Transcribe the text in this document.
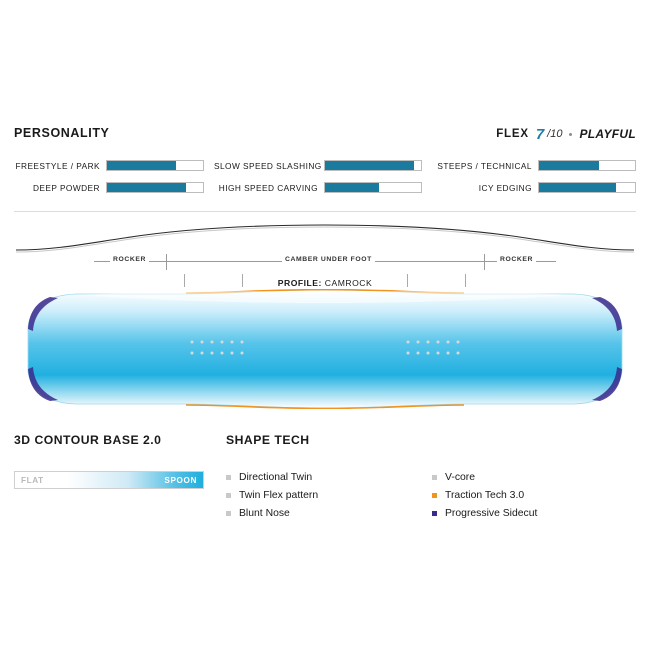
PERSONALITY	FLEX 7 /10 PLAYFUL
FREESTYLE / PARK
DEEP POWDER
SLOW SPEED SLASHING
HIGH SPEED CARVING
STEEPS / TECHNICAL
ICY EDGING
ROCKER	CAMBER UNDER FOOT	ROCKER
PROFILE: CAMROCK
3D CONTOUR BASE 2.0
FLAT	SPOON
SHAPE TECH
Directional Twin
Twin Flex pattern
Blunt Nose
V-core
Traction Tech 3.0
Progressive Sidecut
